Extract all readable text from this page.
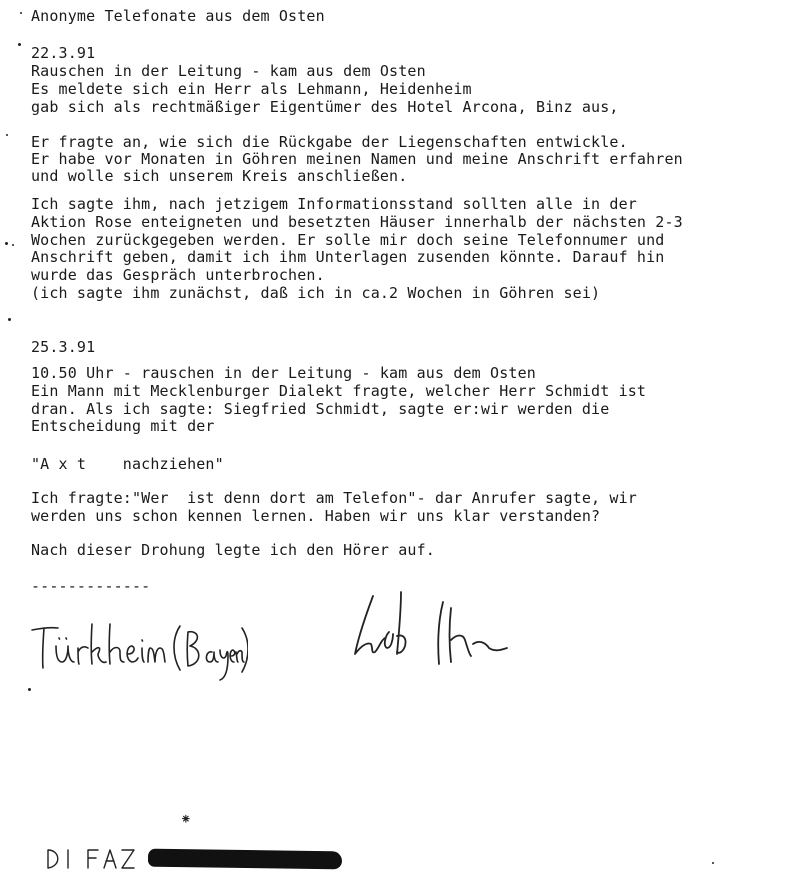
Anonyme Telefonate aus dem Osten

22.3.91

Rauschen in der Leitung - kam aus dem Osten

Es meldete sich ein Herr als Lehmann, Heidenheim

gab sich als rechtmäßiger Eigentümer des Hotel Arcona, Binz aus,

Er fragte an, wie sich die Rückgabe der Liegenschaften entwickle.

Er habe vor Monaten in Göhren meinen Namen und meine Anschrift erfahren

und wolle sich unserem Kreis anschließen.

Ich sagte ihm, nach jetzigem Informationsstand sollten alle in der

Aktion Rose enteigneten und besetzten Häuser innerhalb der nächsten 2-3

Wochen zurückgegeben werden. Er solle mir doch seine Telefonnumer und

Anschrift geben, damit ich ihm Unterlagen zusenden könnte. Darauf hin

wurde das Gespräch unterbrochen.

(ich sagte ihm zunächst, daß ich in ca.2 Wochen in Göhren sei)

25.3.91

10.50 Uhr - rauschen in der Leitung - kam aus dem Osten

Ein Mann mit Mecklenburger Dialekt fragte, welcher Herr Schmidt ist

dran. Als ich sagte: Siegfried Schmidt, sagte er:wir werden die

Entscheidung mit der

"A x t    nachziehen"

Ich fragte:"Wer  ist denn dort am Telefon"- dar Anrufer sagte, wir

werden uns schon kennen lernen. Haben wir uns klar verstanden?

Nach dieser Drohung legte ich den Hörer auf.

-------------

⁕
